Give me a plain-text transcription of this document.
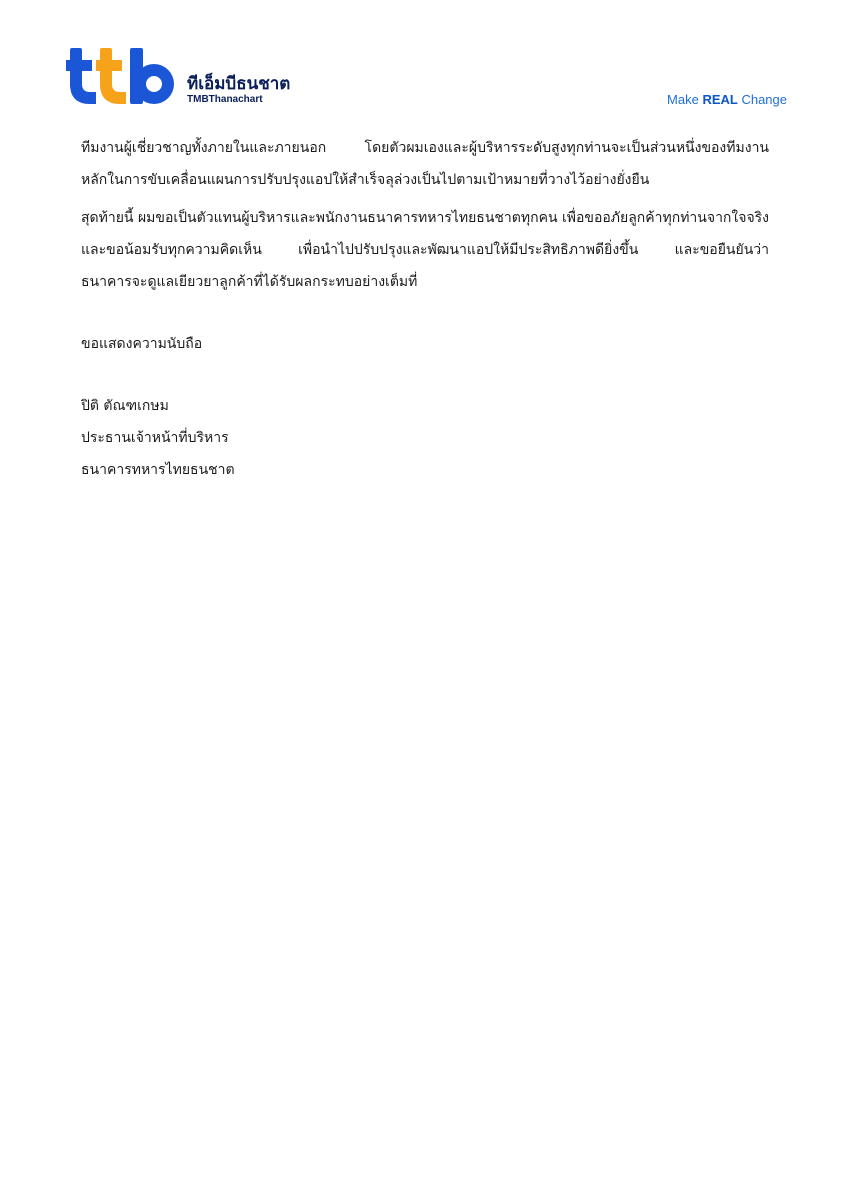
ทีเอ็มบีธนชาต
TMBThanachart	Make REAL Change
ทีมงานผู้เชี่ยวชาญทั้งภายในและภายนอก โดยตัวผมเองและผู้บริหารระดับสูงทุกท่านจะเป็นส่วนหนึ่งของทีมงาน
หลักในการขับเคลื่อนแผนการปรับปรุงแอปให้สำเร็จลุล่วงเป็นไปตามเป้าหมายที่วางไว้อย่างยั่งยืน
สุดท้ายนี้ ผมขอเป็นตัวแทนผู้บริหารและพนักงานธนาคารทหารไทยธนชาตทุกคน เพื่อขออภัยลูกค้าทุกท่านจากใจจริง
และขอน้อมรับทุกความคิดเห็น เพื่อนำไปปรับปรุงและพัฒนาแอปให้มีประสิทธิภาพดียิ่งขึ้น และขอยืนยันว่า
ธนาคารจะดูแลเยียวยาลูกค้าที่ได้รับผลกระทบอย่างเต็มที่
ขอแสดงความนับถือ
ปิติ ตัณฑเกษม
ประธานเจ้าหน้าที่บริหาร
ธนาคารทหารไทยธนชาต
